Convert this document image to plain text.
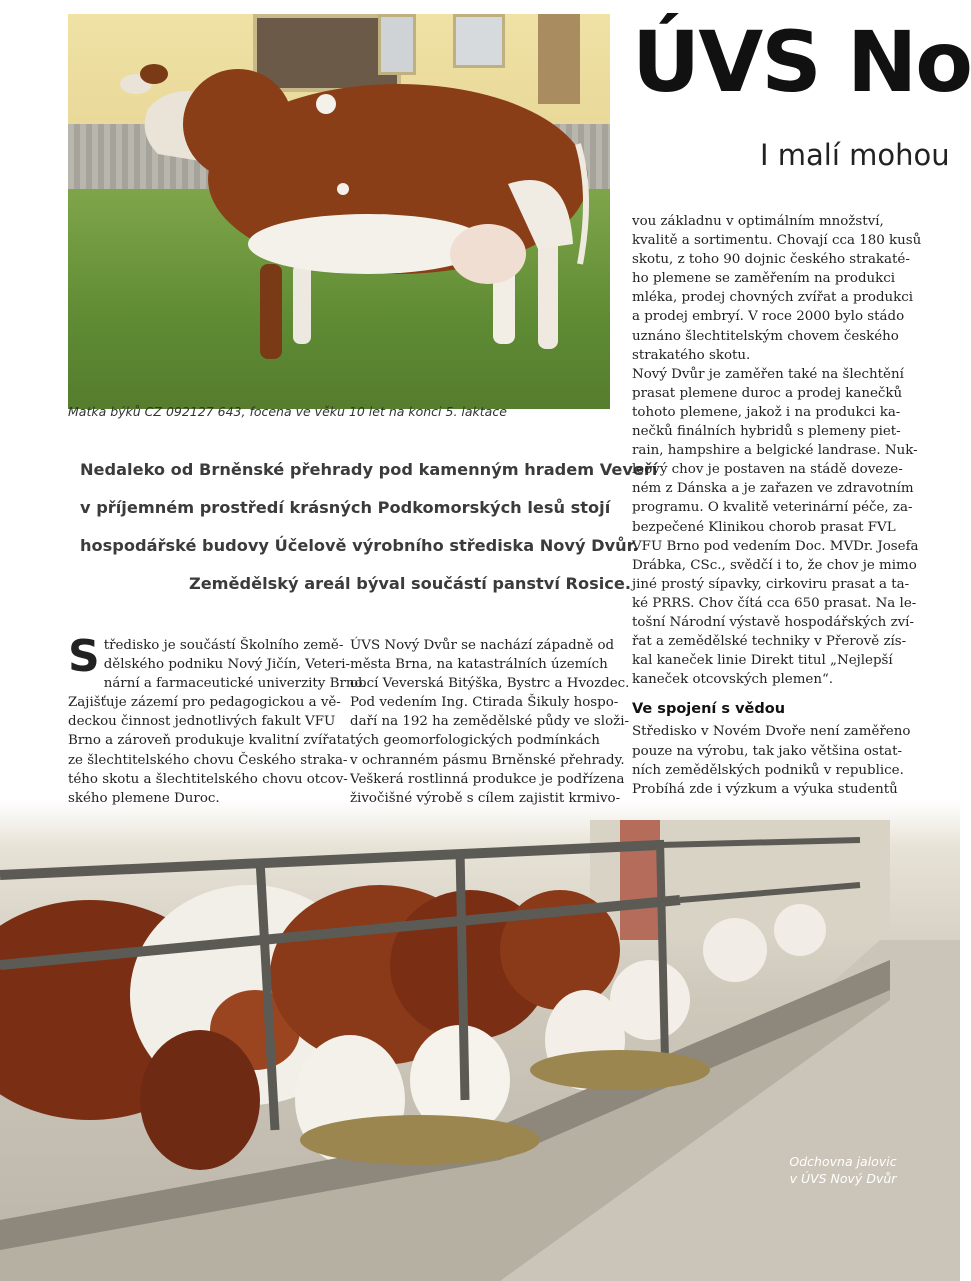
Matka býků CZ 092127 643, focena ve věku 10 let na konci 5. laktace
ÚVS No
I malí mohou
Nedaleko od Brněnské přehrady pod kamenným hradem Veveří
v příjemném prostředí krásných Podkomorských lesů stojí
hospodářské budovy Účelově výrobního střediska Nový Dvůr.
Zemědělský areál býval součástí panství Rosice.
Odchovna jalovic
v ÚVS Nový Dvůr
S tředisko je součástí Školního země-
dělského podniku Nový Jičín, Veteri-
nární a farmaceutické univerzity Brno.
Zajišťuje zázemí pro pedagogickou a vě-
deckou činnost jednotlivých fakult VFU
Brno a zároveň produkuje kvalitní zvířata
ze šlechtitelského chovu Českého straka-
tého skotu a šlechtitelského chovu otcov-
ského plemene Duroc.
ÚVS Nový Dvůr se nachází západně od
města Brna, na katastrálních územích
obcí Veverská Bitýška, Bystrc a Hvozdec.
Pod vedením Ing. Ctirada Šikuly hospo-
daří na 192 ha zemědělské půdy ve složi-
tých geomorfologických podmínkách
v ochranném pásmu Brněnské přehrady.
Veškerá rostlinná produkce je podřízena
živočišné výrobě s cílem zajistit krmivo-
vou základnu v optimálním množství,
kvalitě a sortimentu. Chovají cca 180 kusů
skotu, z toho 90 dojnic českého strakaté-
ho plemene se zaměřením na produkci
mléka, prodej chovných zvířat a produkci
a prodej embryí. V roce 2000 bylo stádo
uznáno šlechtitelským chovem českého
strakatého skotu.
Nový Dvůr je zaměřen také na šlechtění
prasat plemene duroc a prodej kanečků
tohoto plemene, jakož i na produkci ka-
nečků finálních hybridů s plemeny piet-
rain, hampshire a belgické landrase. Nuk-
leový chov je postaven na stádě doveze-
ném z Dánska a je zařazen ve zdravotním
programu. O kvalitě veterinární péče, za-
bezpečené Klinikou chorob prasat FVL
VFU Brno pod vedením Doc. MVDr. Josefa
Drábka, CSc., svědčí i to, že chov je mimo
jiné prostý sípavky, cirkoviru prasat a ta-
ké PRRS. Chov čítá cca 650 prasat. Na le-
tošní Národní výstavě hospodářských zví-
řat a zemědělské techniky v Přerově zís-
kal kaneček linie Direkt titul „Nejlepší
kaneček otcovských plemen“.
Ve spojení s vědou
Středisko v Novém Dvoře není zaměřeno
pouze na výrobu, tak jako většina ostat-
ních zemědělských podniků v republice.
Probíhá zde i výzkum a výuka studentů
